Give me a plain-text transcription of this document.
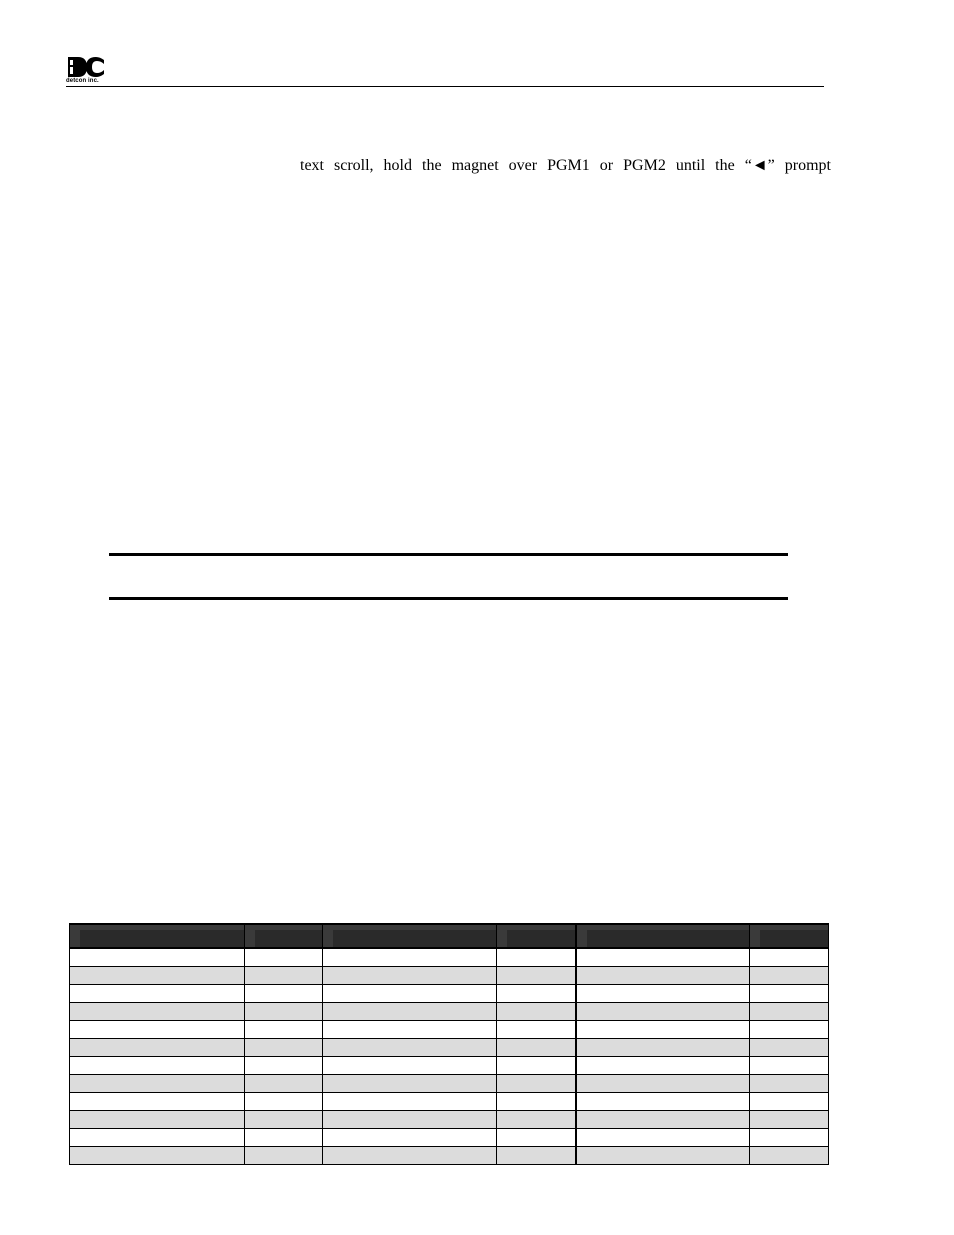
detcon inc.
text scroll, hold the magnet over PGM1 or PGM2 until the “◄” prompt
